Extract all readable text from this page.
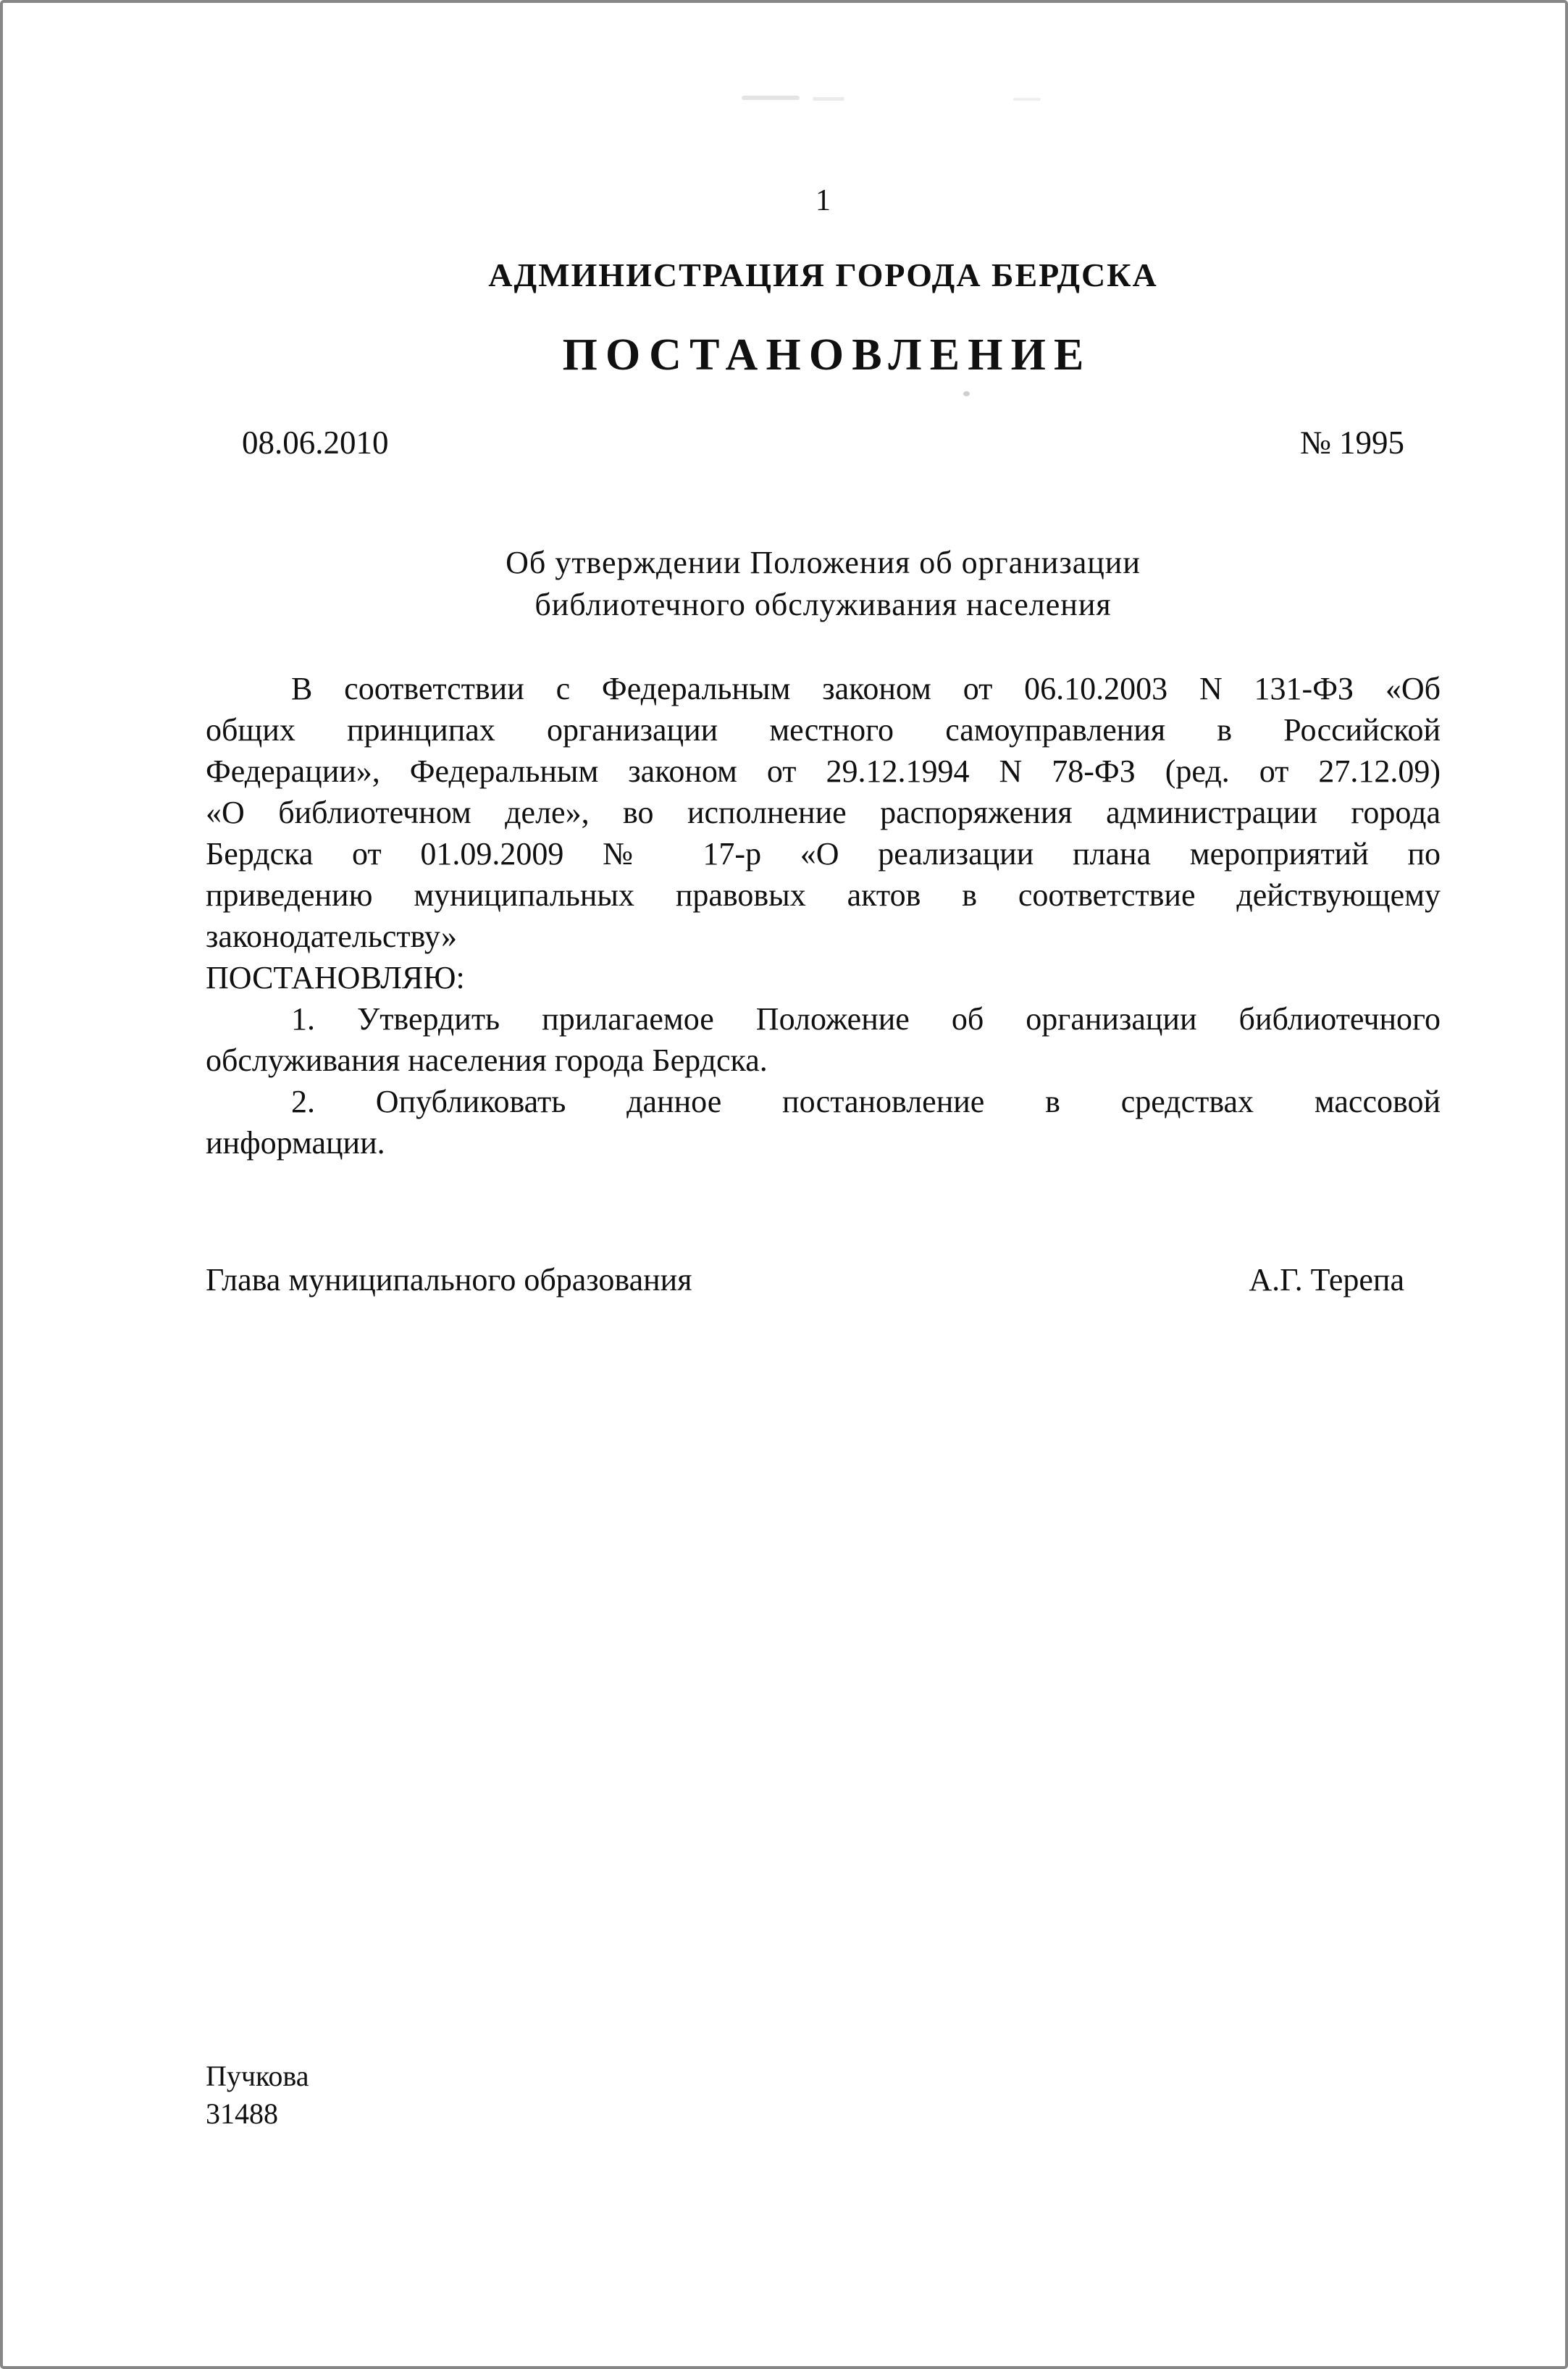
1
АДМИНИСТРАЦИЯ ГОРОДА БЕРДСКА
ПОСТАНОВЛЕНИЕ
08.06.2010	№ 1995
Об утверждении Положения об организации
библиотечного обслуживания населения
В соответствии с Федеральным законом от 06.10.2003 N 131-ФЗ «Об
общих принципах организации местного самоуправления в Российской
Федерации», Федеральным законом от 29.12.1994 N 78-ФЗ (ред. от 27.12.09)
«О библиотечном деле», во исполнение распоряжения администрации города
Бердска от 01.09.2009 № 17-р «О реализации плана мероприятий по
приведению муниципальных правовых актов в соответствие действующему
законодательству»
ПОСТАНОВЛЯЮ:
1. Утвердить прилагаемое Положение об организации библиотечного
обслуживания населения города Бердска.
2. Опубликовать данное постановление в средствах массовой
информации.
Глава муниципального образования	А.Г. Терепа
Пучкова
31488
